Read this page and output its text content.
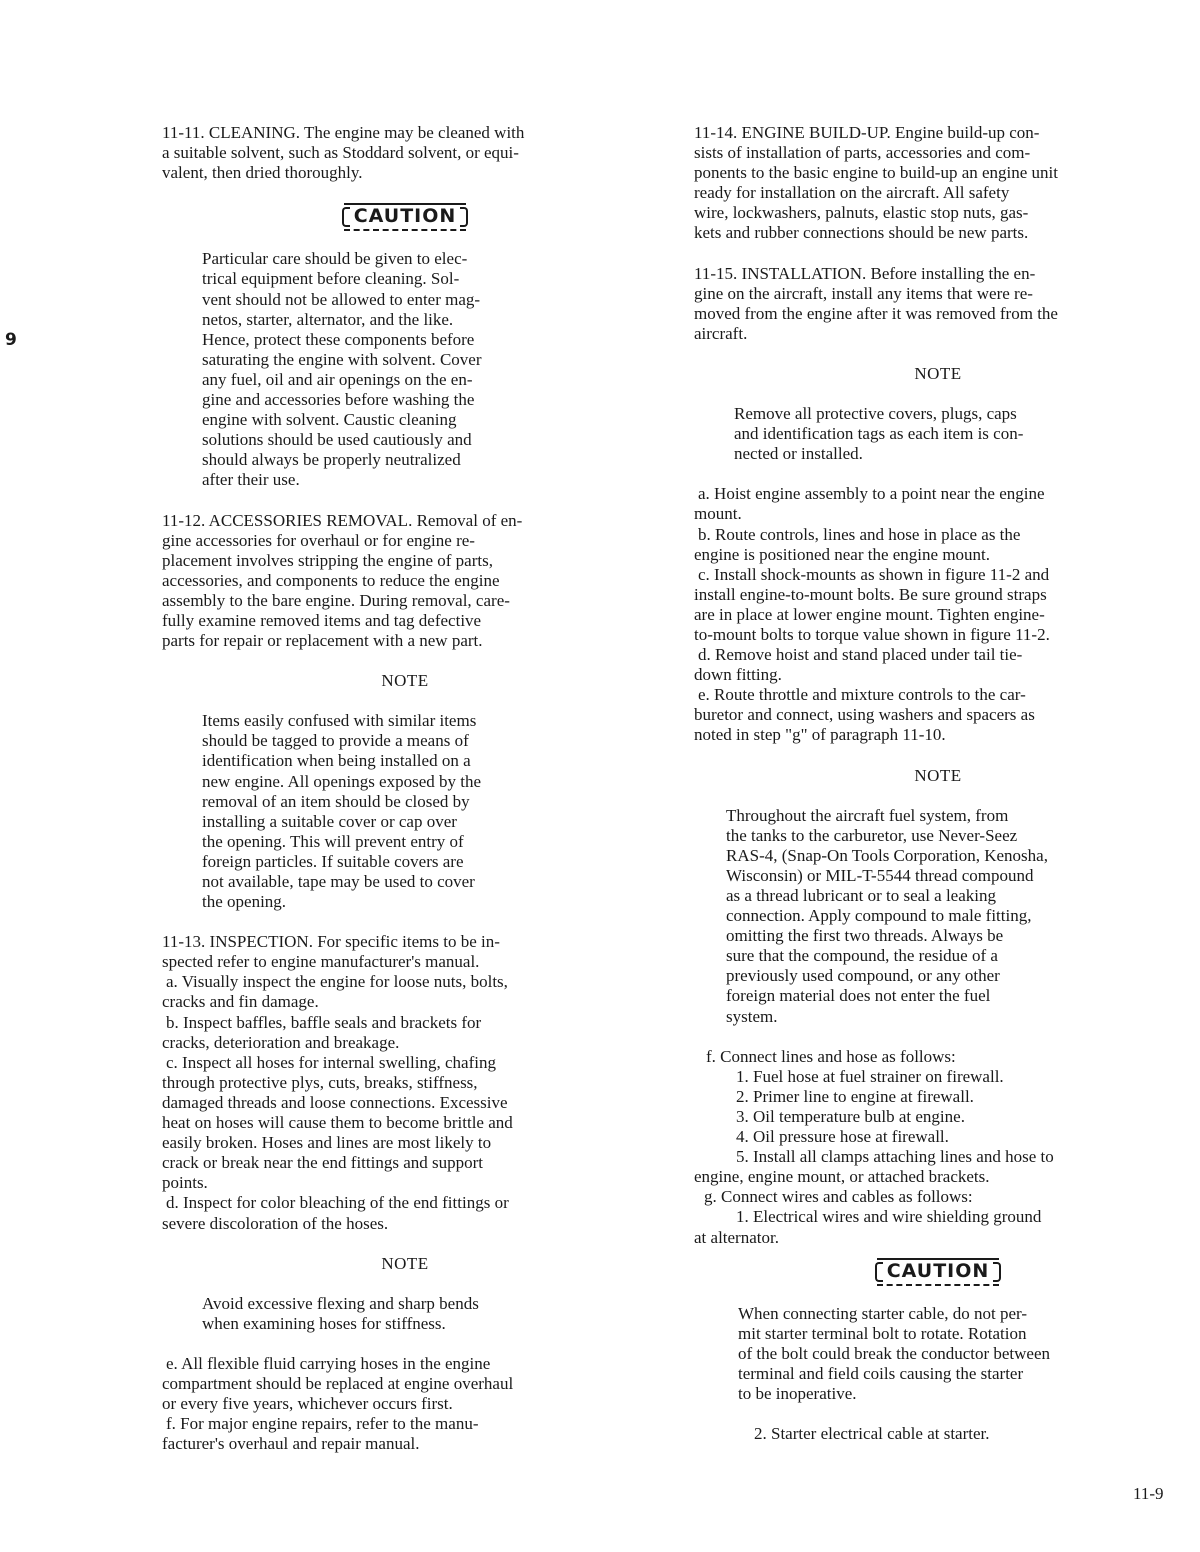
9

11-11. CLEANING. The engine may be cleaned with

a suitable solvent, such as Stoddard solvent, or equi-

valent, then dried thoroughly.

CAUTION

Particular care should be given to elec-

trical equipment before cleaning. Sol-

vent should not be allowed to enter mag-

netos, starter, alternator, and the like.

Hence, protect these components before

saturating the engine with solvent. Cover

any fuel, oil and air openings on the en-

gine and accessories before washing the

engine with solvent. Caustic cleaning

solutions should be used cautiously and

should always be properly neutralized

after their use.

11-12. ACCESSORIES REMOVAL. Removal of en-

gine accessories for overhaul or for engine re-

placement involves stripping the engine of parts,

accessories, and components to reduce the engine

assembly to the bare engine. During removal, care-

fully examine removed items and tag defective

parts for repair or replacement with a new part.

NOTE

Items easily confused with similar items

should be tagged to provide a means of

identification when being installed on a

new engine. All openings exposed by the

removal of an item should be closed by

installing a suitable cover or cap over

the opening. This will prevent entry of

foreign particles. If suitable covers are

not available, tape may be used to cover

the opening.

11-13. INSPECTION. For specific items to be in-

spected refer to engine manufacturer's manual.

a. Visually inspect the engine for loose nuts, bolts,

cracks and fin damage.

b. Inspect baffles, baffle seals and brackets for

cracks, deterioration and breakage.

c. Inspect all hoses for internal swelling, chafing

through protective plys, cuts, breaks, stiffness,

damaged threads and loose connections. Excessive

heat on hoses will cause them to become brittle and

easily broken. Hoses and lines are most likely to

crack or break near the end fittings and support

points.

d. Inspect for color bleaching of the end fittings or

severe discoloration of the hoses.

NOTE

Avoid excessive flexing and sharp bends

when examining hoses for stiffness.

e. All flexible fluid carrying hoses in the engine

compartment should be replaced at engine overhaul

or every five years, whichever occurs first.

f. For major engine repairs, refer to the manu-

facturer's overhaul and repair manual.

11-14. ENGINE BUILD-UP. Engine build-up con-

sists of installation of parts, accessories and com-

ponents to the basic engine to build-up an engine unit

ready for installation on the aircraft. All safety

wire, lockwashers, palnuts, elastic stop nuts, gas-

kets and rubber connections should be new parts.

11-15. INSTALLATION. Before installing the en-

gine on the aircraft, install any items that were re-

moved from the engine after it was removed from the

aircraft.

NOTE

Remove all protective covers, plugs, caps

and identification tags as each item is con-

nected or installed.

a. Hoist engine assembly to a point near the engine

mount.

b. Route controls, lines and hose in place as the

engine is positioned near the engine mount.

c. Install shock-mounts as shown in figure 11-2 and

install engine-to-mount bolts. Be sure ground straps

are in place at lower engine mount. Tighten engine-

to-mount bolts to torque value shown in figure 11-2.

d. Remove hoist and stand placed under tail tie-

down fitting.

e. Route throttle and mixture controls to the car-

buretor and connect, using washers and spacers as

noted in step "g" of paragraph 11-10.

NOTE

Throughout the aircraft fuel system, from

the tanks to the carburetor, use Never-Seez

RAS-4, (Snap-On Tools Corporation, Kenosha,

Wisconsin) or MIL-T-5544 thread compound

as a thread lubricant or to seal a leaking

connection. Apply compound to male fitting,

omitting the first two threads. Always be

sure that the compound, the residue of a

previously used compound, or any other

foreign material does not enter the fuel

system.

f. Connect lines and hose as follows:

1. Fuel hose at fuel strainer on firewall.

2. Primer line to engine at firewall.

3. Oil temperature bulb at engine.

4. Oil pressure hose at firewall.

5. Install all clamps attaching lines and hose to

engine, engine mount, or attached brackets.

g. Connect wires and cables as follows:

1. Electrical wires and wire shielding ground

at alternator.

CAUTION

When connecting starter cable, do not per-

mit starter terminal bolt to rotate. Rotation

of the bolt could break the conductor between

terminal and field coils causing the starter

to be inoperative.

2. Starter electrical cable at starter.

11-9
